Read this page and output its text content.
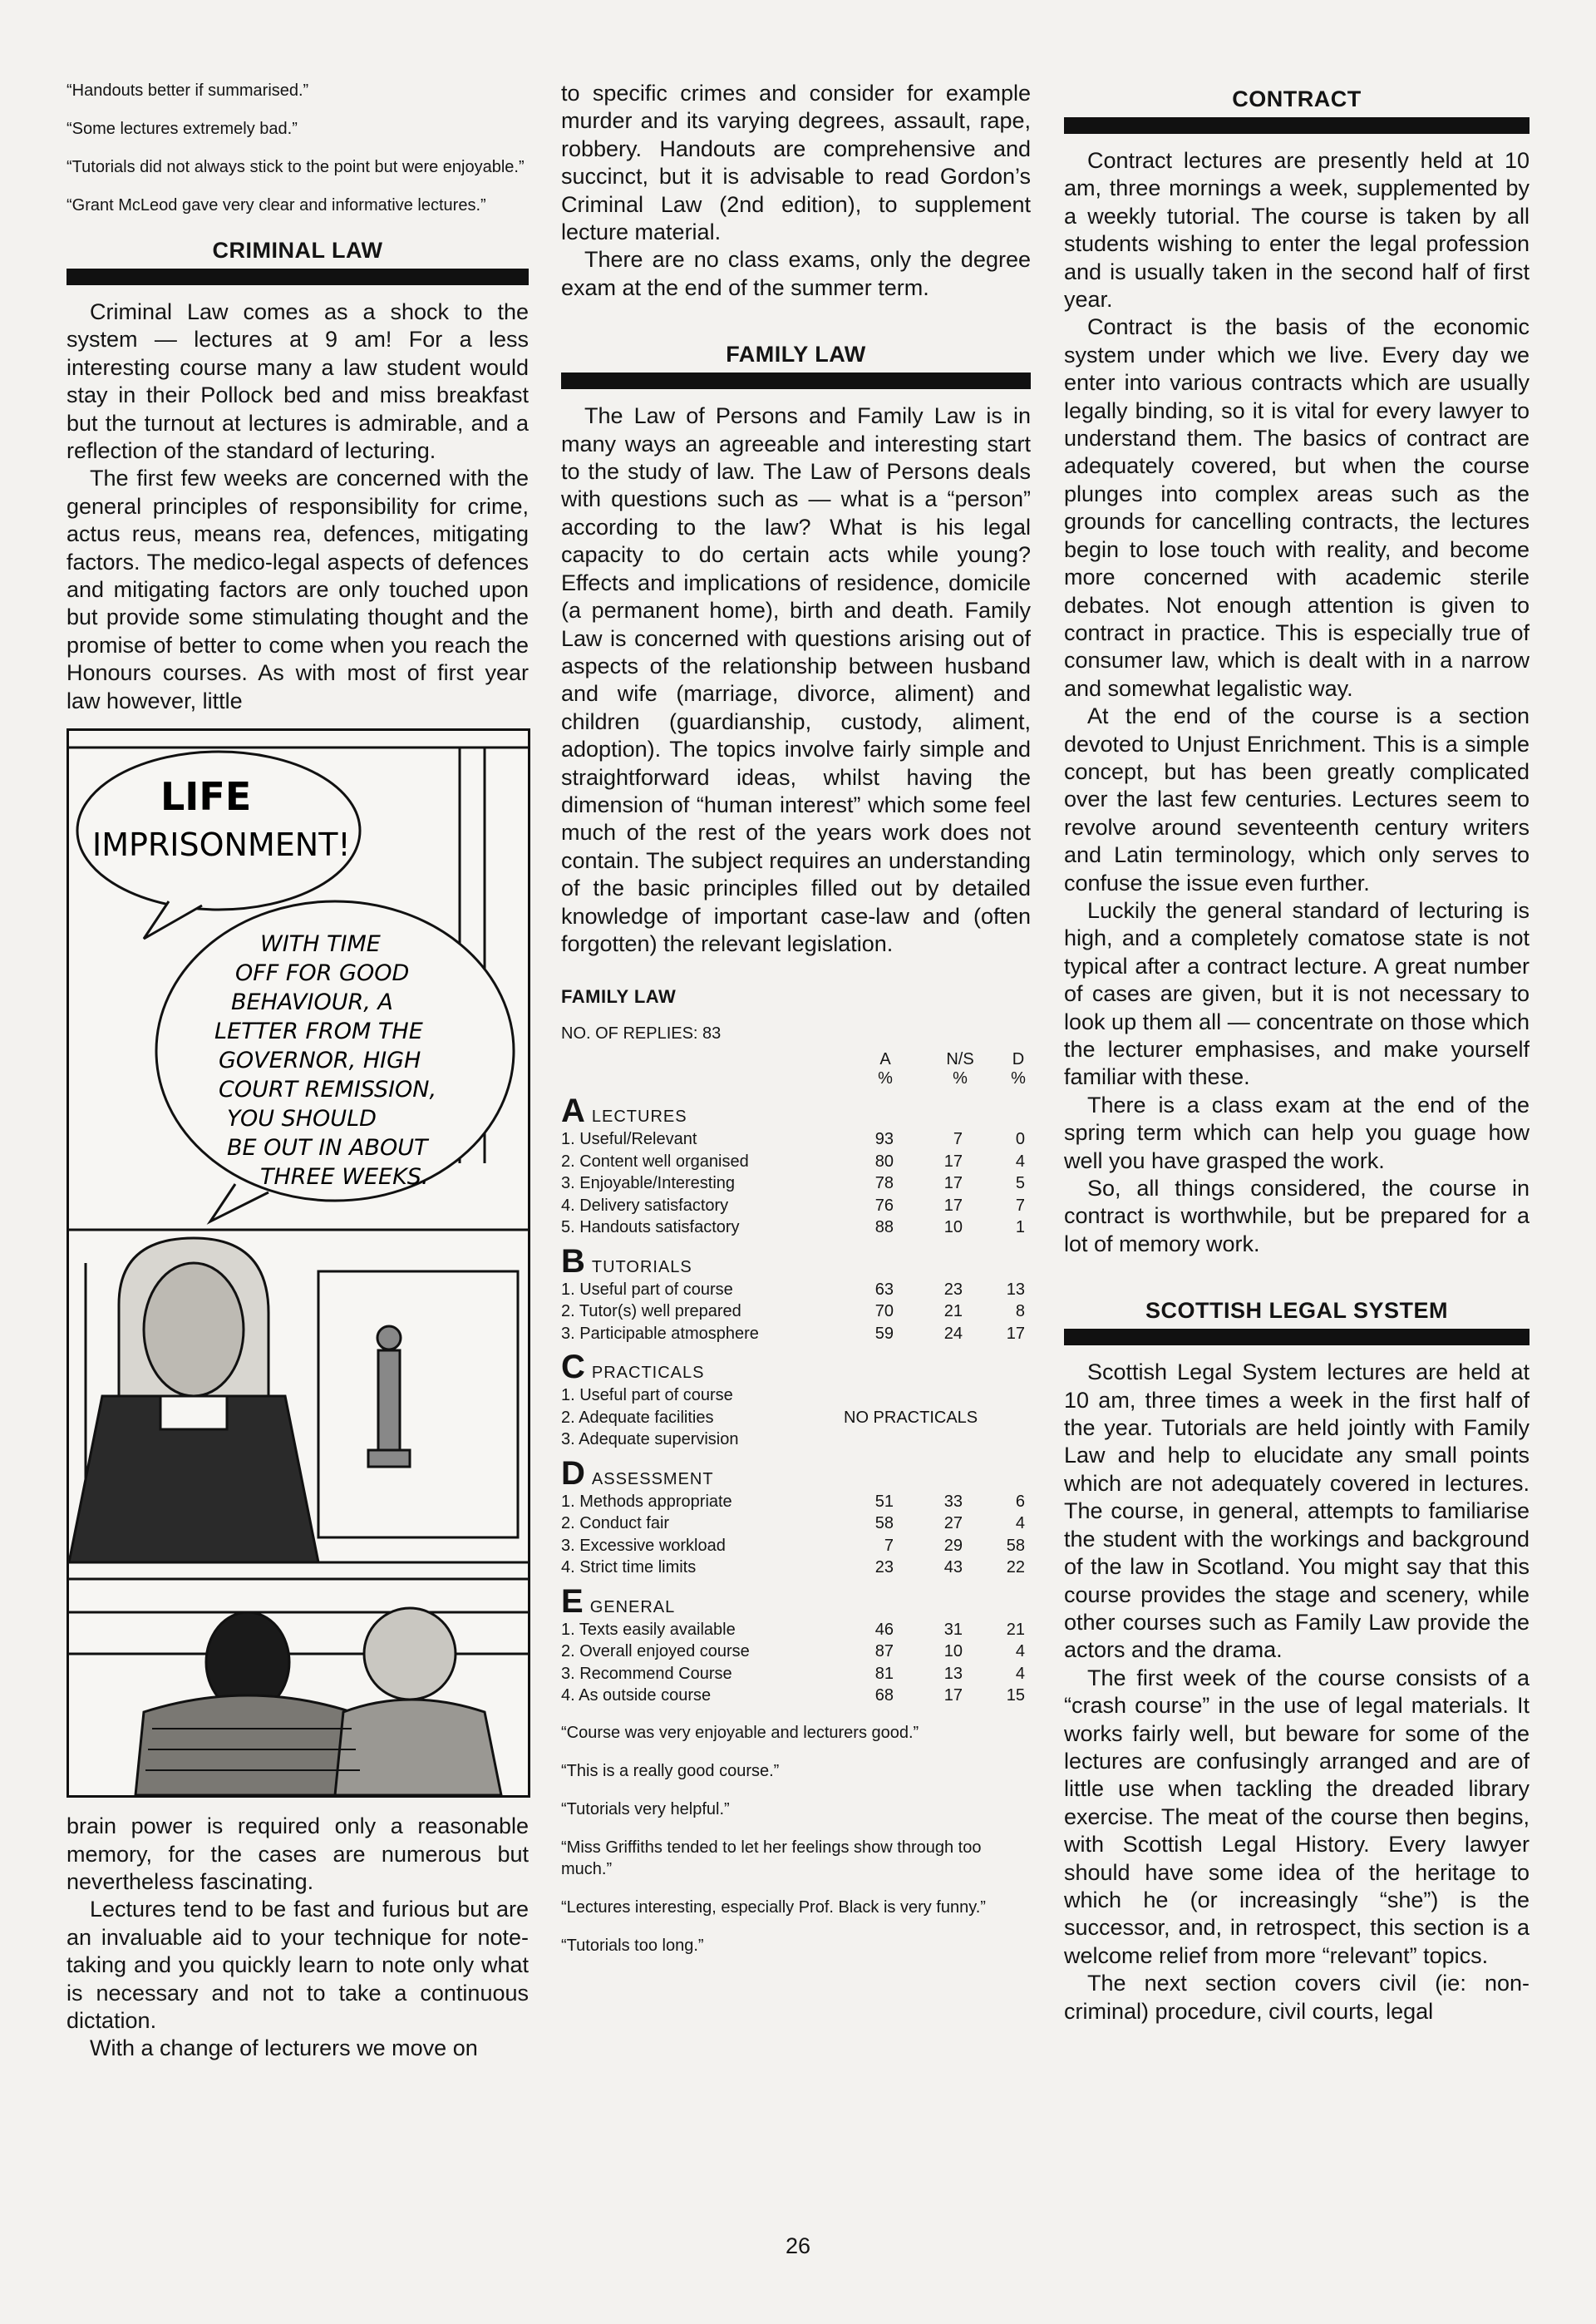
“Handouts better if summarised.”

“Some lectures extremely bad.”

“Tutorials did not always stick to the point but were enjoyable.”

“Grant McLeod gave very clear and informative lectures.”

CRIMINAL LAW

Criminal Law comes as a shock to the system — lectures at 9 am! For a less interesting course many a law student would stay in their Pollock bed and miss breakfast but the turnout at lectures is admirable, and a reflection of the standard of lecturing.

The first few weeks are concerned with the general principles of responsibility for crime, actus reus, means rea, defences, mitigating factors. The medico-legal aspects of defences and mitigating factors are only touched upon but provide some stimulating thought and the promise of better to come when you reach the Honours courses. As with most of first year law however, little

LIFE
IMPRISONMENT!
WITH TIME
OFF FOR GOOD
BEHAVIOUR, A
LETTER FROM THE
GOVERNOR, HIGH
COURT REMISSION,
YOU SHOULD
BE OUT IN ABOUT
THREE WEEKS.

brain power is required only a reasonable memory, for the cases are numerous but nevertheless fascinating.

Lectures tend to be fast and furious but are an invaluable aid to your technique for note-taking and you quickly learn to note only what is necessary and not to take a continuous dictation.

With a change of lecturers we move on

to specific crimes and consider for example murder and its varying degrees, assault, rape, robbery. Handouts are comprehensive and succinct, but it is advisable to read Gordon’s Criminal Law (2nd edition), to supplement lecture material.

There are no class exams, only the degree exam at the end of the summer term.

FAMILY LAW

The Law of Persons and Family Law is in many ways an agreeable and interesting start to the study of law. The Law of Persons deals with questions such as — what is a “person” according to the law? What is his legal capacity to do certain acts while young? Effects and implications of residence, domicile (a permanent home), birth and death. Family Law is concerned with questions arising out of aspects of the relationship between husband and wife (marriage, divorce, aliment) and children (guardianship, custody, aliment, adoption). The topics involve fairly simple and straightforward ideas, whilst having the dimension of “human interest” which some feel much of the rest of the years work does not contain. The subject requires an understanding of the basic principles filled out by detailed knowledge of important case-law and (often forgotten) the relevant legislation.

FAMILY LAW
NO. OF REPLIES: 83
A	N/S	D
%	%	%
A LECTURES
1. Useful/Relevant	93	7	0
2. Content well organised	80	17	4
3. Enjoyable/Interesting	78	17	5
4. Delivery satisfactory	76	17	7
5. Handouts satisfactory	88	10	1
B TUTORIALS
1. Useful part of course	63	23	13
2. Tutor(s) well prepared	70	21	8
3. Participable atmosphere	59	24	17
C PRACTICALS
1. Useful part of course
2. Adequate facilities	NO PRACTICALS
3. Adequate supervision
D ASSESSMENT
1. Methods appropriate	51	33	6
2. Conduct fair	58	27	4
3. Excessive workload	7	29	58
4. Strict time limits	23	43	22
E GENERAL
1. Texts easily available	46	31	21
2. Overall enjoyed course	87	10	4
3. Recommend Course	81	13	4
4. As outside course	68	17	15

“Course was very enjoyable and lecturers good.”

“This is a really good course.”

“Tutorials very helpful.”

“Miss Griffiths tended to let her feelings show through too much.”

“Lectures interesting, especially Prof. Black is very funny.”

“Tutorials too long.”

CONTRACT

Contract lectures are presently held at 10 am, three mornings a week, supplemented by a weekly tutorial. The course is taken by all students wishing to enter the legal profession and is usually taken in the second half of first year.

Contract is the basis of the economic system under which we live. Every day we enter into various contracts which are usually legally binding, so it is vital for every lawyer to understand them. The basics of contract are adequately covered, but when the course plunges into complex areas such as the grounds for cancelling contracts, the lectures begin to lose touch with reality, and become more concerned with academic sterile debates. Not enough attention is given to contract in practice. This is especially true of consumer law, which is dealt with in a narrow and somewhat legalistic way.

At the end of the course is a section devoted to Unjust Enrichment. This is a simple concept, but has been greatly complicated over the last few centuries. Lectures seem to revolve around seventeenth century writers and Latin terminology, which only serves to confuse the issue even further.

Luckily the general standard of lecturing is high, and a completely comatose state is not typical after a contract lecture. A great number of cases are given, but it is not necessary to look up them all — concentrate on those which the lecturer emphasises, and make yourself familiar with these.

There is a class exam at the end of the spring term which can help you guage how well you have grasped the work.

So, all things considered, the course in contract is worthwhile, but be prepared for a lot of memory work.

SCOTTISH LEGAL SYSTEM

Scottish Legal System lectures are held at 10 am, three times a week in the first half of the year. Tutorials are held jointly with Family Law and help to elucidate any small points which are not adequately covered in lectures. The course, in general, attempts to familiarise the student with the workings and background of the law in Scotland. You might say that this course provides the stage and scenery, while other courses such as Family Law provide the actors and the drama.

The first week of the course consists of a “crash course” in the use of legal materials. It works fairly well, but beware for some of the lectures are confusingly arranged and are of little use when tackling the dreaded library exercise. The meat of the course then begins, with Scottish Legal History. Every lawyer should have some idea of the heritage to which he (or increasingly “she”) is the successor, and, in retrospect, this section is a welcome relief from more “relevant” topics.

The next section covers civil (ie: non-criminal) procedure, civil courts, legal

26
